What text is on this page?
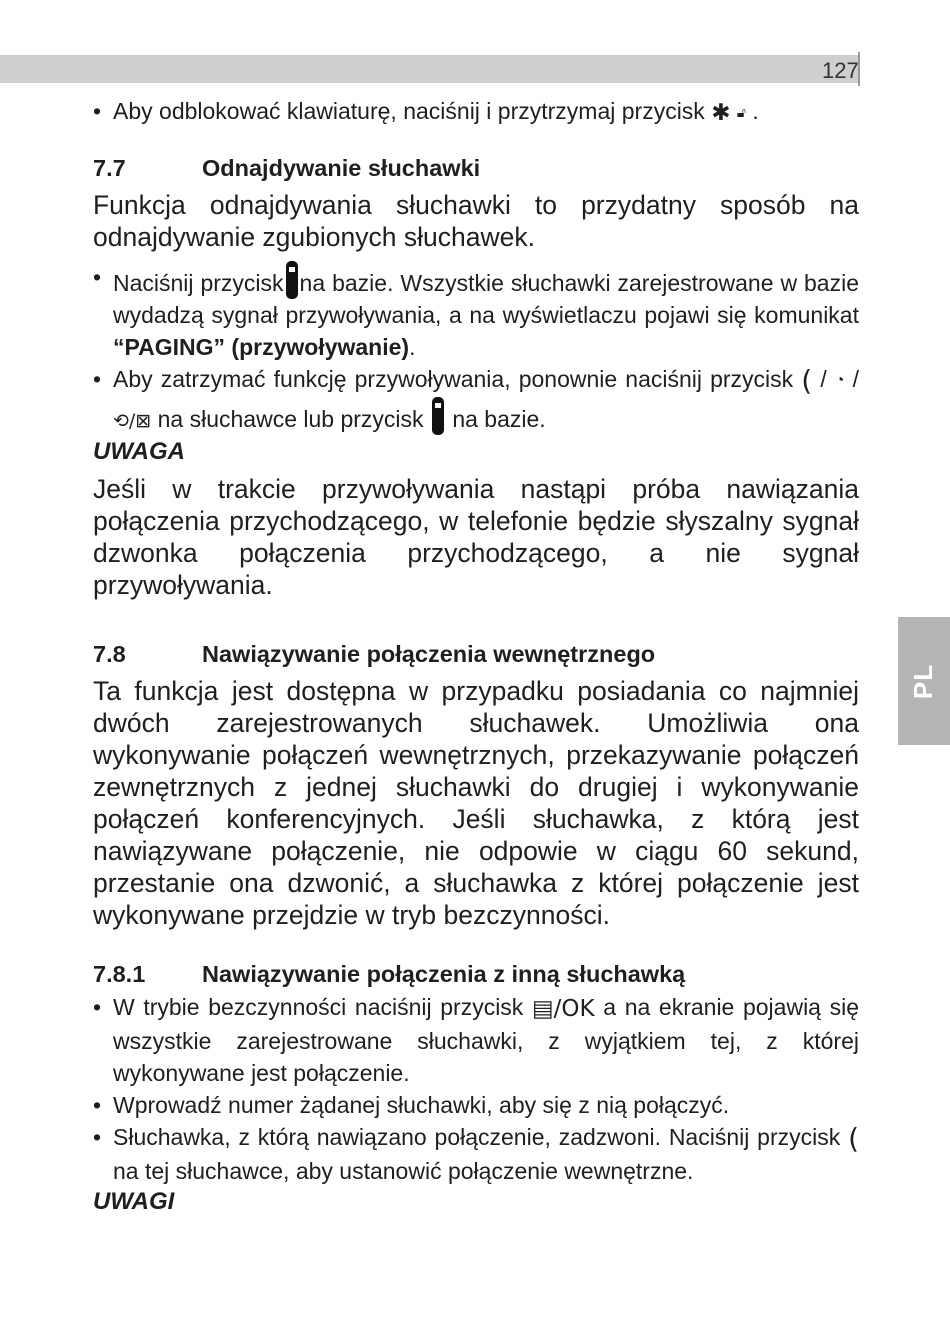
127
PL
• Aby odblokować klawiaturę, naciśnij i przytrzymaj przycisk ✱ 🔓︎ .
7.7	Odnajdywanie słuchawki
Funkcja odnajdywania słuchawki to przydatny sposób na odnajdywanie zgubionych słuchawek.
• Naciśnij przycisk na bazie. Wszystkie słuchawki zarejestrowane w bazie wydadzą sygnał przywoływania, a na wyświetlaczu pojawi się komunikat “PAGING” (przywoływanie).
• Aby zatrzymać funkcję przywoływania, ponownie naciśnij przycisk ( / ◔ / ⟲/⊠ na słuchawce lub przycisk na bazie.
UWAGA
Jeśli w trakcie przywoływania nastąpi próba nawiązania połączenia przychodzącego, w telefonie będzie słyszalny sygnał dzwonka połączenia przychodzącego, a nie sygnał przywoływania.
7.8	Nawiązywanie połączenia wewnętrznego
Ta funkcja jest dostępna w przypadku posiadania co najmniej dwóch zarejestrowanych słuchawek. Umożliwia ona wykonywanie połączeń wewnętrznych, przekazywanie połączeń zewnętrznych z jednej słuchawki do drugiej i wykonywanie połączeń konferencyjnych. Jeśli słuchawka, z którą jest nawiązywane połączenie, nie odpowie w ciągu 60 sekund, przestanie ona dzwonić, a słuchawka z której połączenie jest wykonywane przejdzie w tryb bezczynności.
7.8.1	Nawiązywanie połączenia z inną słuchawką
• W trybie bezczynności naciśnij przycisk ▤/OK a na ekranie pojawią się wszystkie zarejestrowane słuchawki, z wyjątkiem tej, z której wykonywane jest połączenie.
• Wprowadź numer żądanej słuchawki, aby się z nią połączyć.
• Słuchawka, z którą nawiązano połączenie, zadzwoni. Naciśnij przycisk ( na tej słuchawce, aby ustanowić połączenie wewnętrzne.
UWAGI
